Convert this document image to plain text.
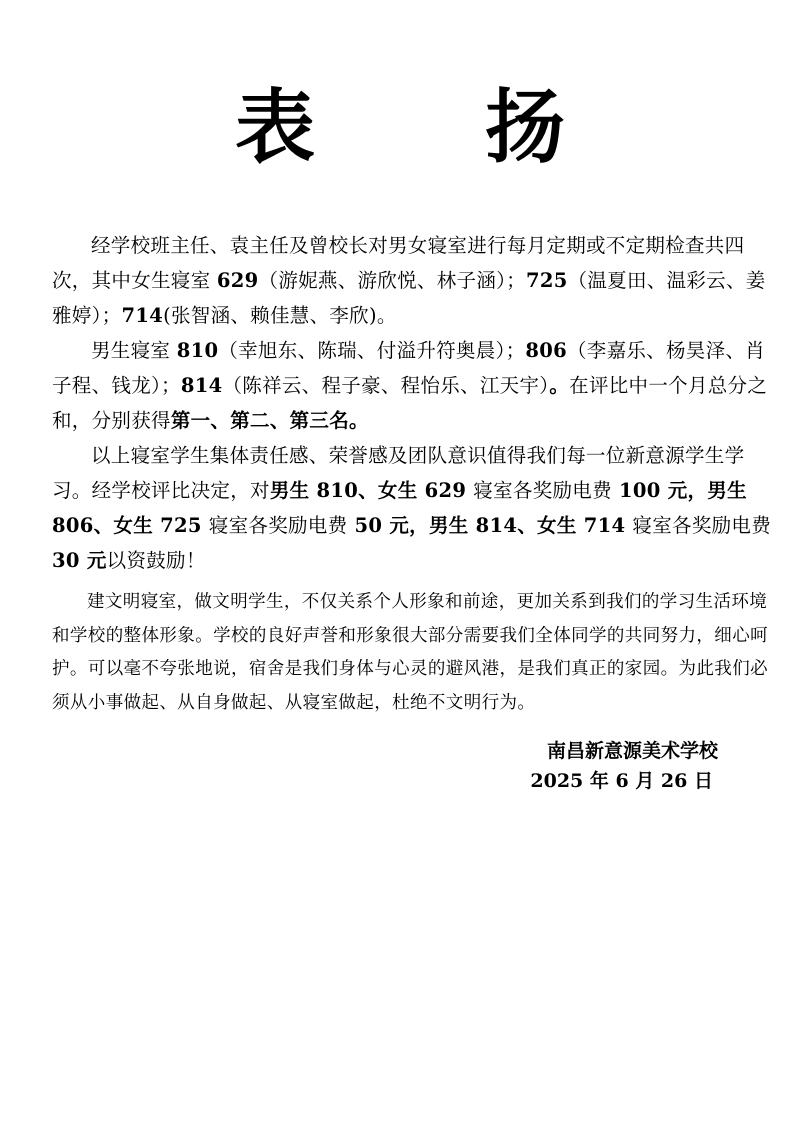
表 扬

经学校班主任、袁主任及曾校长对男女寝室进行每月定期或不定期检查共四次，其中女生寝室 629（游妮燕、游欣悦、林子涵）；725（温夏田、温彩云、姜雅婷）；714(张智涵、赖佳慧、李欣)。

男生寝室 810（幸旭东、陈瑞、付溢升符奥晨）；806（李嘉乐、杨昊泽、肖子程、钱龙）；814（陈祥云、程子豪、程怡乐、江天宇）。在评比中一个月总分之和，分别获得第一、第二、第三名。

以上寝室学生集体责任感、荣誉感及团队意识值得我们每一位新意源学生学习。经学校评比决定，对男生 810、女生 629 寝室各奖励电费 100 元，男生 806、女生 725 寝室各奖励电费 50 元，男生 814、女生 714 寝室各奖励电费 30 元以资鼓励！

建文明寝室，做文明学生，不仅关系个人形象和前途，更加关系到我们的学习生活环境和学校的整体形象。学校的良好声誉和形象很大部分需要我们全体同学的共同努力，细心呵护。可以毫不夸张地说，宿舍是我们身体与心灵的避风港，是我们真正的家园。为此我们必须从小事做起、从自身做起、从寝室做起，杜绝不文明行为。

南昌新意源美术学校
2025 年 6 月 26 日
